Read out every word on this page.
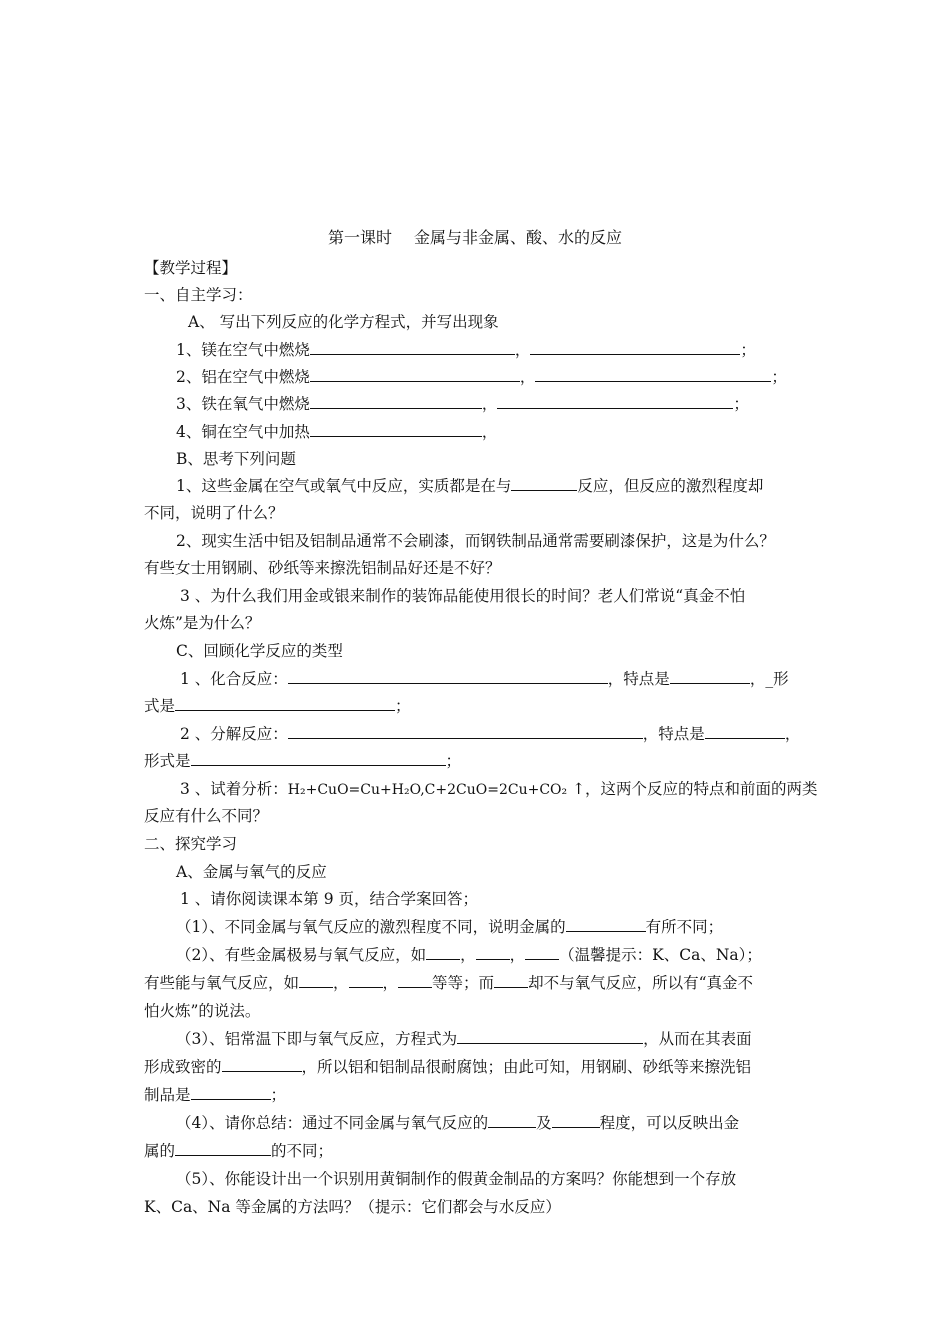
第一课时 金属与非金属、酸、水的反应
【教学过程】
一、自主学习：
A、 写出下列反应的化学方程式，并写出现象
1、镁在空气中燃烧	，	；
2、铝在空气中燃烧	，	；
3、铁在氧气中燃烧	，	；
4、铜在空气中加热	，
B、思考下列问题
1、这些金属在空气或氧气中反应，实质都是在与	反应，但反应的激烈程度却
不同，说明了什么？
2、现实生活中铝及铝制品通常不会刷漆，而钢铁制品通常需要刷漆保护，这是为什么？
有些女士用钢刷、砂纸等来擦洗铝制品好还是不好？
3 、为什么我们用金或银来制作的装饰品能使用很长的时间？老人们常说“真金不怕
火炼”是为什么？
C、回顾化学反应的类型
1 、化合反应：	，特点是	，_形
式是	；
2 、分解反应：	，特点是	，
形式是	；
3 、试着分析：H₂+CuO=Cu+H₂O,C+2CuO=2Cu+CO₂ ↑，这两个反应的特点和前面的两类
反应有什么不同？
二、探究学习
A、金属与氧气的反应
1 、请你阅读课本第 9 页，结合学案回答；
（1）、不同金属与氧气反应的激烈程度不同，说明金属的	有所不同；
（2）、有些金属极易与氧气反应，如 ， ， （温馨提示：K、Ca、Na）；
有些能与氧气反应，如 ， ， 等等；而 却不与氧气反应，所以有“真金不
怕火炼”的说法。
（3）、铝常温下即与氧气反应，方程式为	，从而在其表面
形成致密的	，所以铝和铝制品很耐腐蚀；由此可知，用钢刷、砂纸等来擦洗铝
制品是	；
（4）、请你总结：通过不同金属与氧气反应的	及	程度，可以反映出金
属的	的不同；
（5）、你能设计出一个识别用黄铜制作的假黄金制品的方案吗？你能想到一个存放
K、Ca、Na 等金属的方法吗？（提示：它们都会与水反应）
